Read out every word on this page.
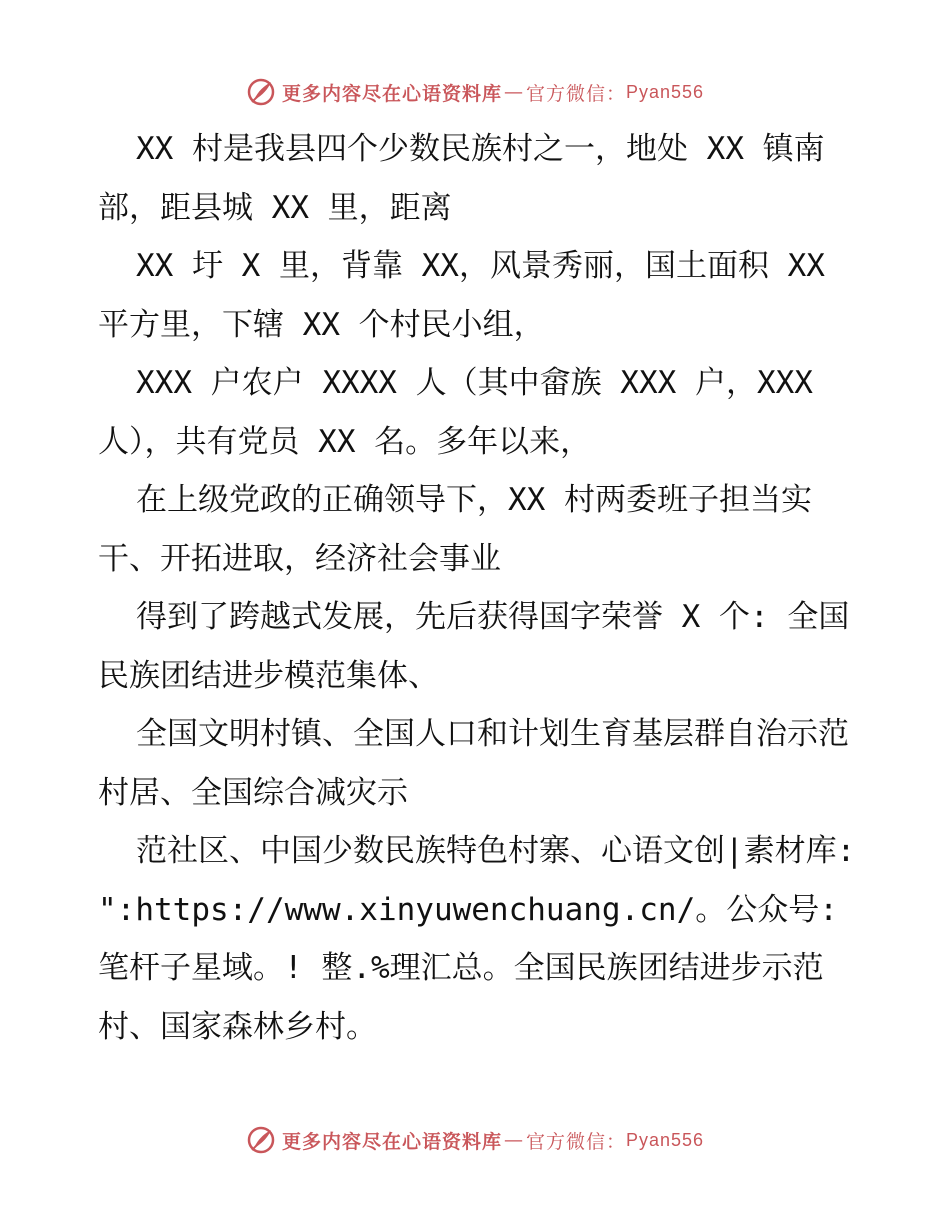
更多内容尽在心语资料库 — 官方微信： Pyan556

XX 村是我县四个少数民族村之一，地处 XX 镇南部，距县城 XX 里，距离

XX 圩 X 里，背靠 XX，风景秀丽，国土面积 XX 平方里，下辖 XX 个村民小组，

XXX 户农户 XXXX 人（其中畲族 XXX 户，XXX 人），共有党员 XX 名。多年以来，

在上级党政的正确领导下，XX 村两委班子担当实干、开拓进取，经济社会事业

得到了跨越式发展，先后获得国字荣誉 X 个: 全国民族团结进步模范集体、

全国文明村镇、全国人口和计划生育基层群自治示范村居、全国综合减灾示

范社区、中国少数民族特色村寨、心语文创|素材库: ":https://www.xinyuwenchuang.cn/。公众号: 笔杆子星域。! 整.%理汇总。全国民族团结进步示范村、国家森林乡村。

更多内容尽在心语资料库 — 官方微信： Pyan556
